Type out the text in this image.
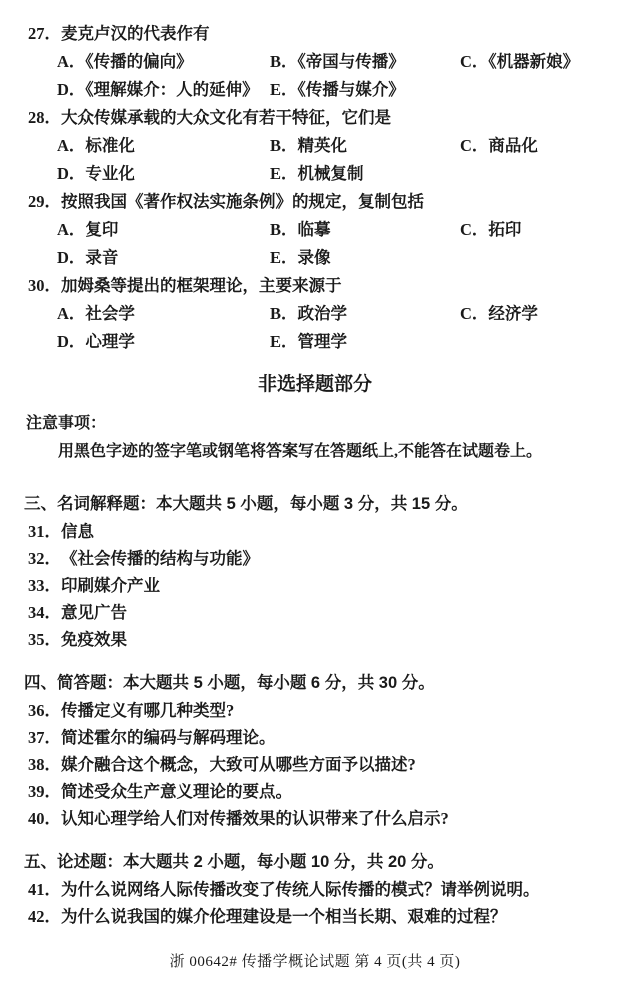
27．麦克卢汉的代表作有
A．《传播的偏向》	B．《帝国与传播》	C．《机器新娘》
D．《理解媒介：人的延伸》 E．《传播与媒介》
28．大众传媒承载的大众文化有若干特征，它们是
A．标准化	B．精英化	C．商品化
D．专业化	E．机械复制
29．按照我国《著作权法实施条例》的规定，复制包括
A．复印	B．临摹	C．拓印
D．录音	E．录像
30．加姆桑等提出的框架理论，主要来源于
A．社会学	B．政治学	C．经济学
D．心理学	E．管理学
非选择题部分
注意事项：
用黑色字迹的签字笔或钢笔将答案写在答题纸上,不能答在试题卷上。
三、名词解释题：本大题共 5 小题，每小题 3 分，共 15 分。
31．信息
32．《社会传播的结构与功能》
33．印刷媒介产业
34．意见广告
35．免疫效果
四、简答题：本大题共 5 小题，每小题 6 分，共 30 分。
36．传播定义有哪几种类型?
37．简述霍尔的编码与解码理论。
38．媒介融合这个概念，大致可从哪些方面予以描述?
39．简述受众生产意义理论的要点。
40．认知心理学给人们对传播效果的认识带来了什么启示?
五、论述题：本大题共 2 小题，每小题 10 分，共 20 分。
41．为什么说网络人际传播改变了传统人际传播的模式？请举例说明。
42．为什么说我国的媒介伦理建设是一个相当长期、艰难的过程？
浙 00642# 传播学概论试题 第 4 页(共 4 页)
